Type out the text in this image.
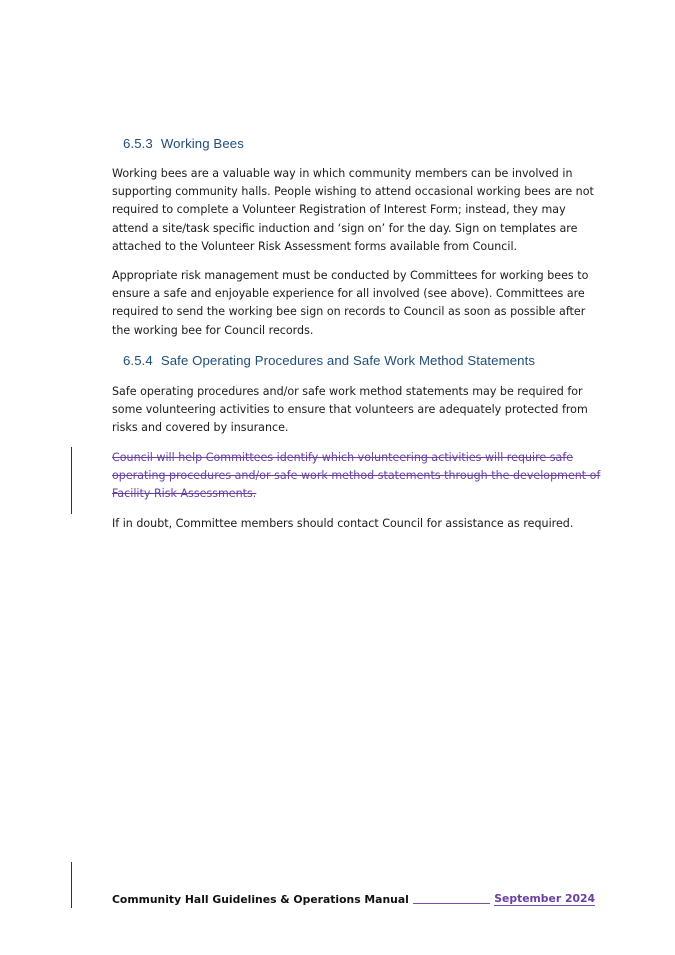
6.5.3 Working Bees

Working bees are a valuable way in which community members can be involved in supporting community halls. People wishing to attend occasional working bees are not required to complete a Volunteer Registration of Interest Form; instead, they may attend a site/task specific induction and ‘sign on’ for the day. Sign on templates are attached to the Volunteer Risk Assessment forms available from Council.

Appropriate risk management must be conducted by Committees for working bees to ensure a safe and enjoyable experience for all involved (see above). Committees are required to send the working bee sign on records to Council as soon as possible after the working bee for Council records.

6.5.4 Safe Operating Procedures and Safe Work Method Statements

Safe operating procedures and/or safe work method statements may be required for some volunteering activities to ensure that volunteers are adequately protected from risks and covered by insurance.

Council will help Committees identify which volunteering activities will require safe operating procedures and/or safe work method statements through the development of Facility Risk Assessments.

If in doubt, Committee members should contact Council for assistance as required.

Community Hall Guidelines & Operations Manual	September 2024
